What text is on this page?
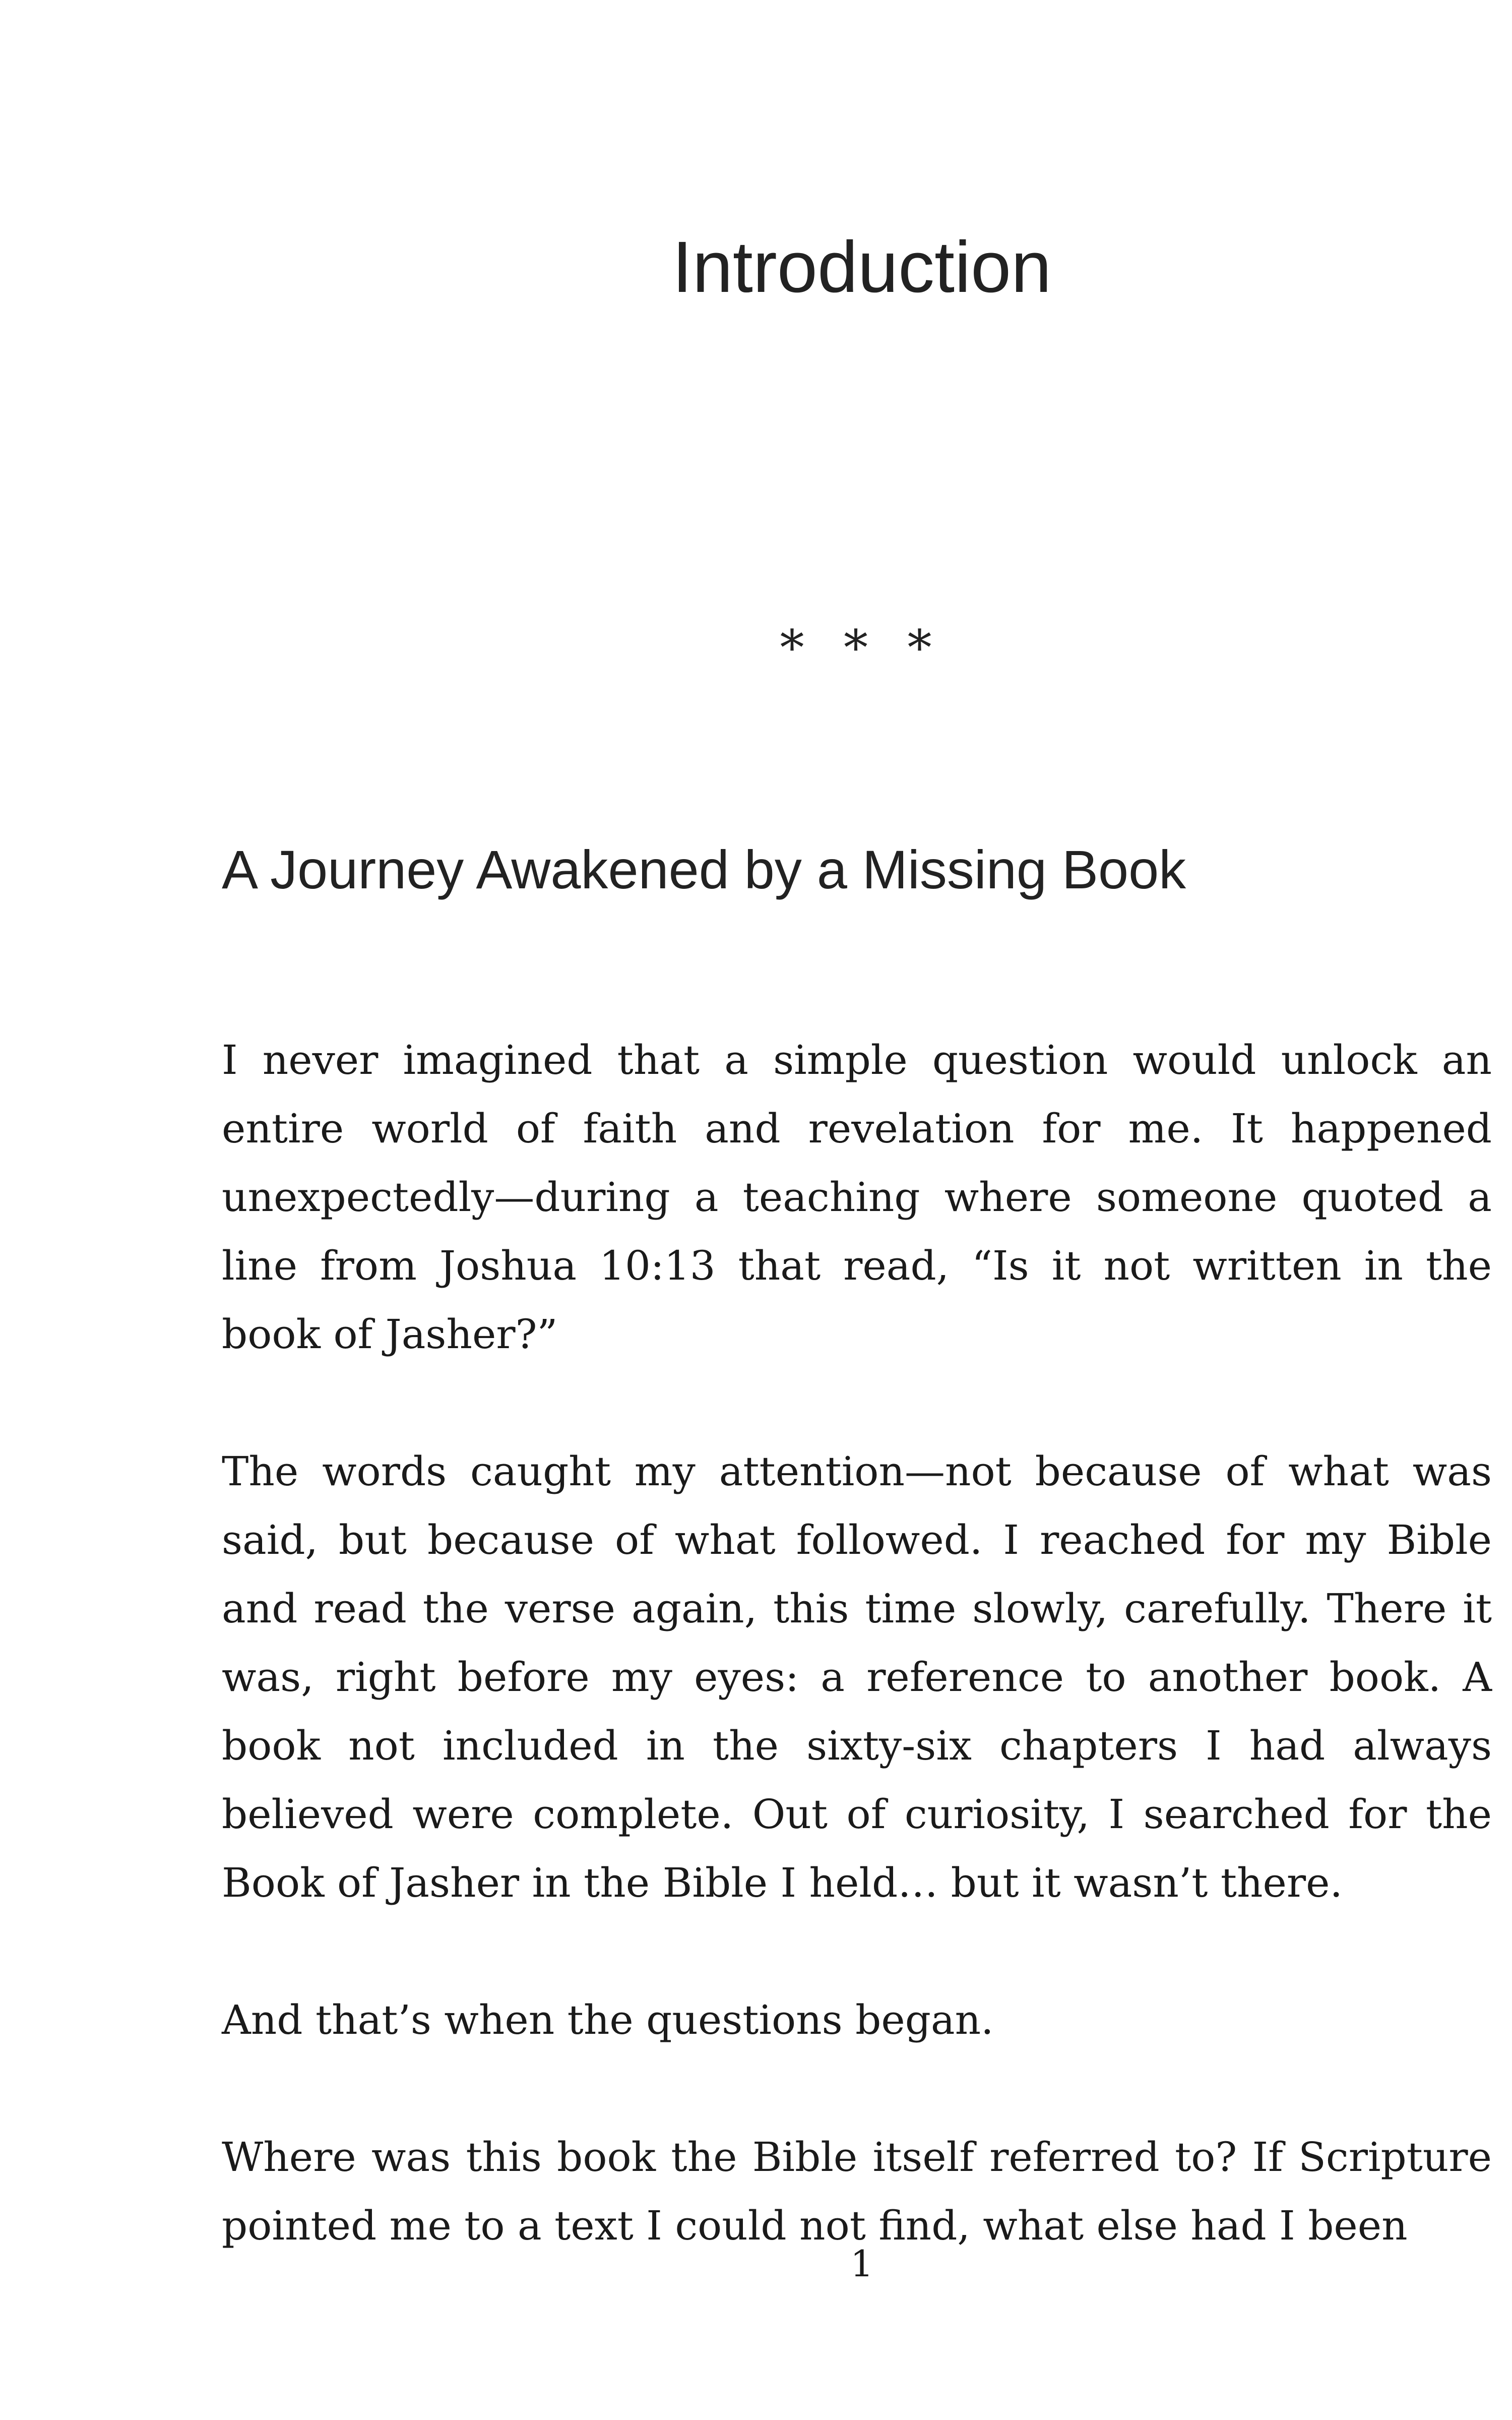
Introduction
* * *
A Journey Awakened by a Missing Book

I never imagined that a simple question would unlock an entire world of faith and revelation for me. It happened unexpectedly—during a teaching where someone quoted a line from Joshua 10:13 that read, “Is it not written in the book of Jasher?”

The words caught my attention—not because of what was said, but because of what followed. I reached for my Bible and read the verse again, this time slowly, carefully. There it was, right before my eyes: a reference to another book. A book not included in the sixty-six chapters I had always believed were complete. Out of curiosity, I searched for the Book of Jasher in the Bible I held… but it wasn’t there.

And that’s when the questions began.

Where was this book the Bible itself referred to? If Scripture pointed me to a text I could not find, what else had I been

1
